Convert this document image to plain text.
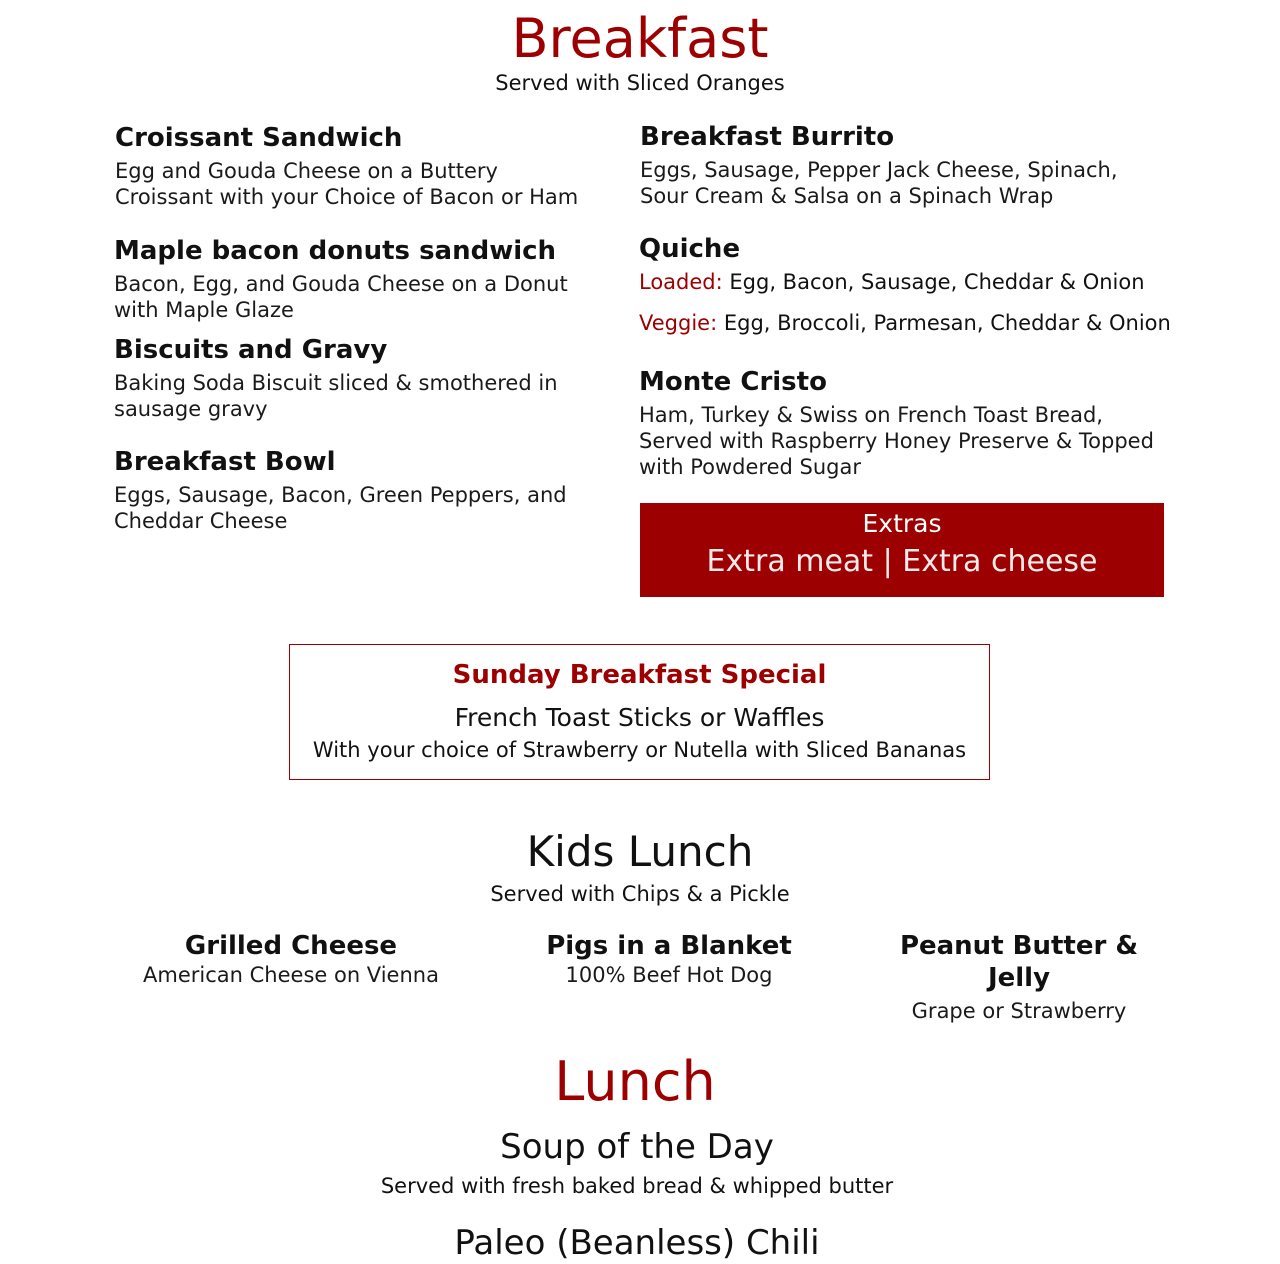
Breakfast
Served with Sliced Oranges
Croissant Sandwich
Egg and Gouda Cheese on a Buttery Croissant with your Choice of Bacon or Ham
Maple bacon donuts sandwich
Bacon, Egg, and Gouda Cheese on a Donut with Maple Glaze
Biscuits and Gravy
Baking Soda Biscuit sliced & smothered in sausage gravy
Breakfast Bowl
Eggs, Sausage, Bacon, Green Peppers, and Cheddar Cheese
Breakfast Burrito
Eggs, Sausage, Pepper Jack Cheese, Spinach, Sour Cream & Salsa on a Spinach Wrap
Quiche
Loaded: Egg, Bacon, Sausage, Cheddar & Onion
Veggie: Egg, Broccoli, Parmesan, Cheddar & Onion
Monte Cristo
Ham, Turkey & Swiss on French Toast Bread, Served with Raspberry Honey Preserve & Topped with Powdered Sugar
Extras
Extra meat | Extra cheese
Sunday Breakfast Special
French Toast Sticks or Waffles
With your choice of Strawberry or Nutella with Sliced Bananas
Kids Lunch
Served with Chips & a Pickle
Grilled Cheese
American Cheese on Vienna
Pigs in a Blanket
100% Beef Hot Dog
Peanut Butter & Jelly
Grape or Strawberry
Lunch
Soup of the Day
Served with fresh baked bread & whipped butter
Paleo (Beanless) Chili
